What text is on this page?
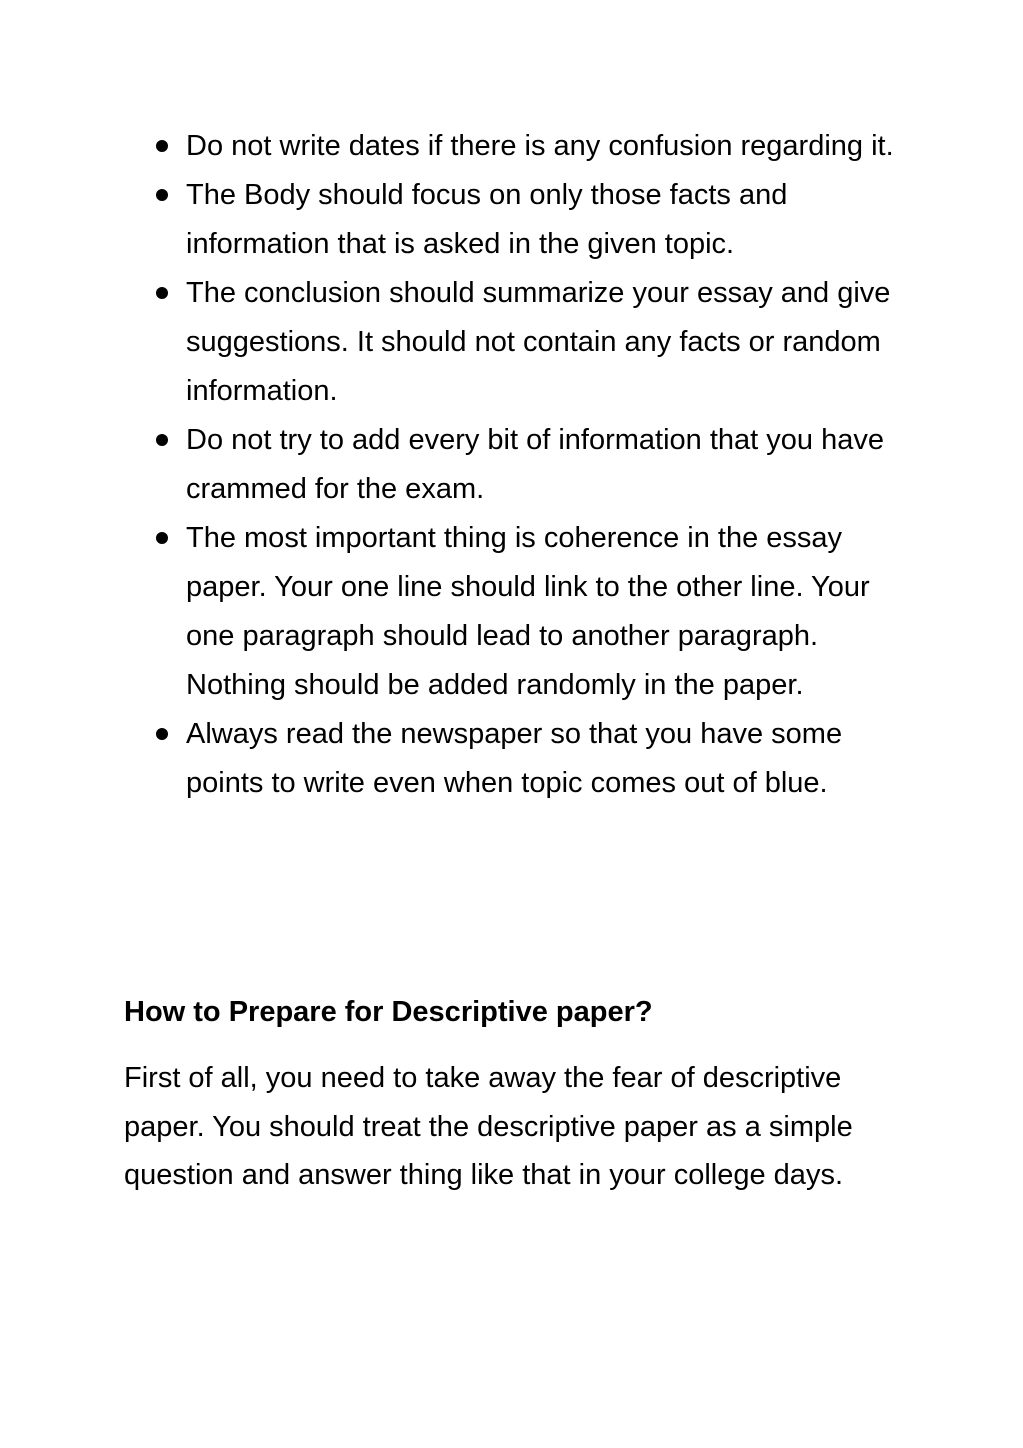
Do not write dates if there is any confusion regarding it.
The Body should focus on only those facts and information that is asked in the given topic.
The conclusion should summarize your essay and give suggestions. It should not contain any facts or random information.
Do not try to add every bit of information that you have crammed for the exam.
The most important thing is coherence in the essay paper. Your one line should link to the other line. Your one paragraph should lead to another paragraph. Nothing should be added randomly in the paper.
Always read the newspaper so that you have some points to write even when topic comes out of blue.
How to Prepare for Descriptive paper?

First of all, you need to take away the fear of descriptive paper. You should treat the descriptive paper as a simple question and answer thing like that in your college days.
